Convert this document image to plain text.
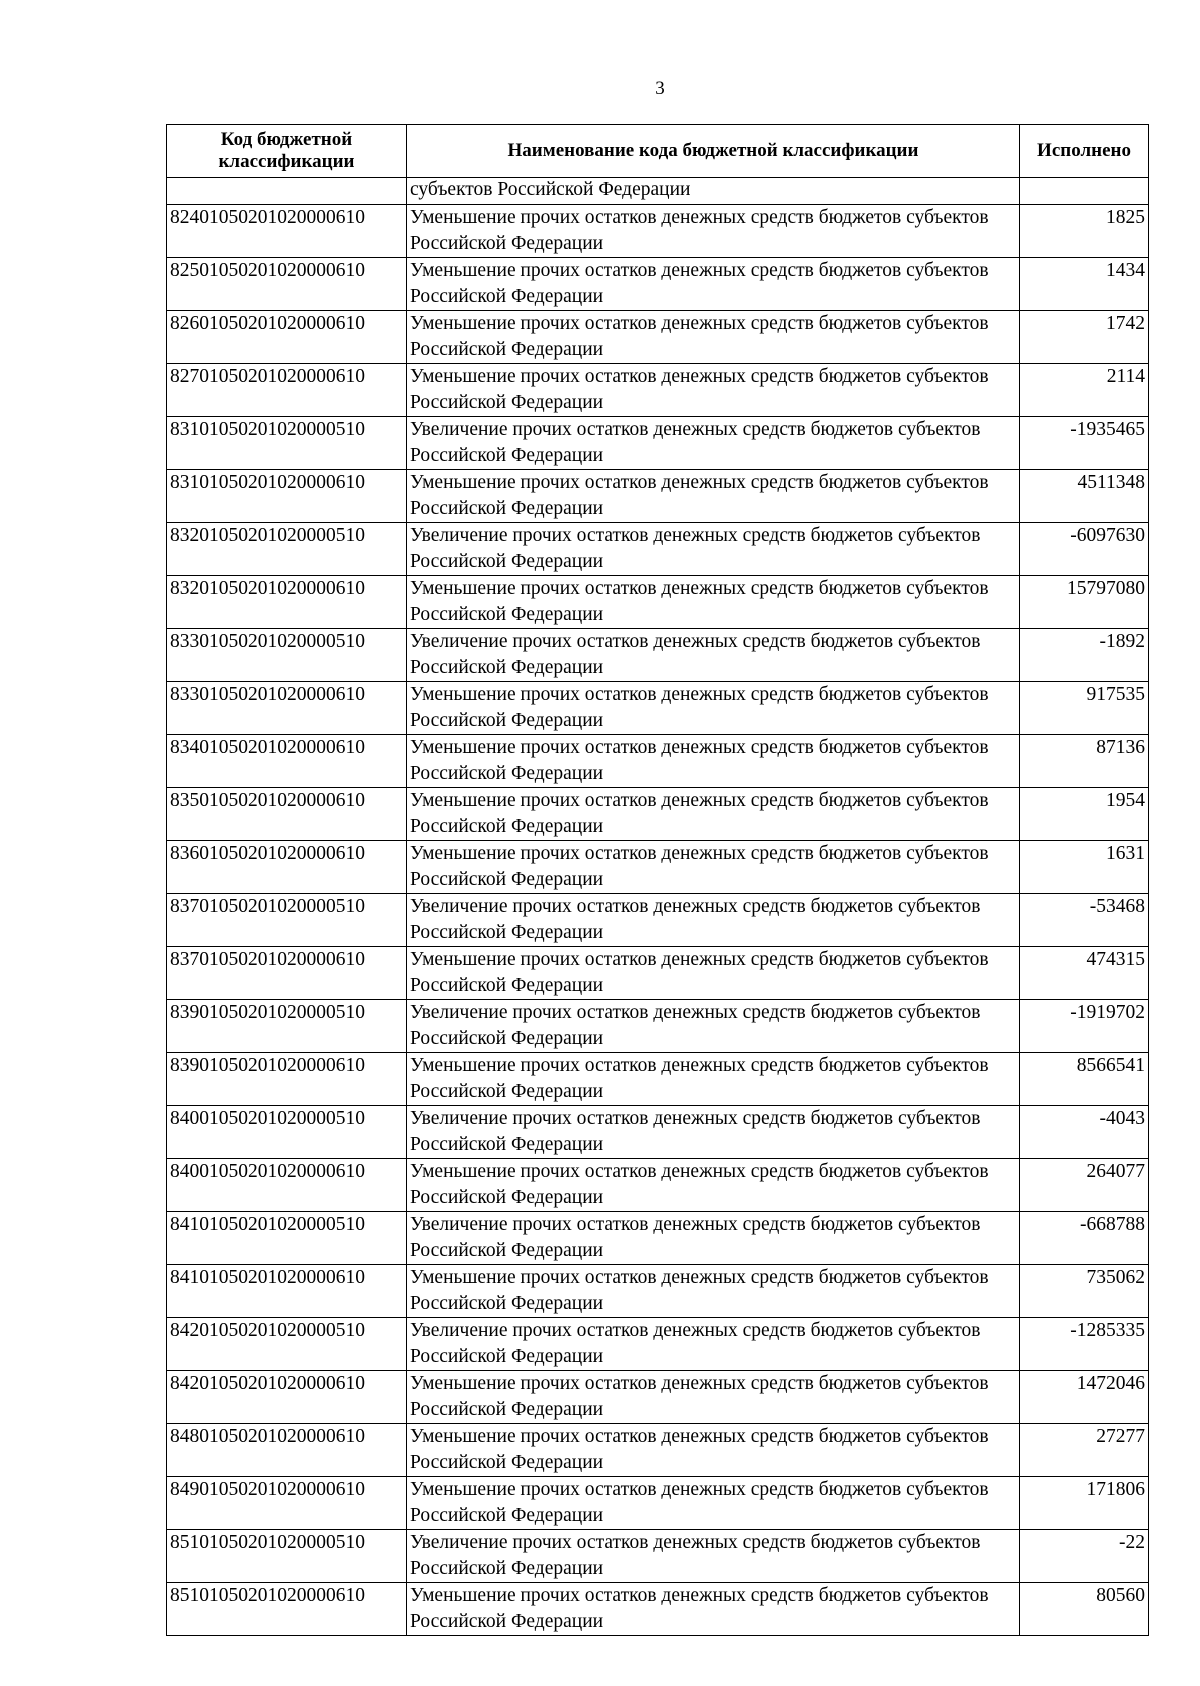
3
Код бюджетной классификации	Наименование кода бюджетной классификации	Исполнено
	субъектов Российской Федерации	
82401050201020000610	Уменьшение прочих остатков денежных средств бюджетов субъектов Российской Федерации	1825
82501050201020000610	Уменьшение прочих остатков денежных средств бюджетов субъектов Российской Федерации	1434
82601050201020000610	Уменьшение прочих остатков денежных средств бюджетов субъектов Российской Федерации	1742
82701050201020000610	Уменьшение прочих остатков денежных средств бюджетов субъектов Российской Федерации	2114
83101050201020000510	Увеличение прочих остатков денежных средств бюджетов субъектов Российской Федерации	-1935465
83101050201020000610	Уменьшение прочих остатков денежных средств бюджетов субъектов Российской Федерации	4511348
83201050201020000510	Увеличение прочих остатков денежных средств бюджетов субъектов Российской Федерации	-6097630
83201050201020000610	Уменьшение прочих остатков денежных средств бюджетов субъектов Российской Федерации	15797080
83301050201020000510	Увеличение прочих остатков денежных средств бюджетов субъектов Российской Федерации	-1892
83301050201020000610	Уменьшение прочих остатков денежных средств бюджетов субъектов Российской Федерации	917535
83401050201020000610	Уменьшение прочих остатков денежных средств бюджетов субъектов Российской Федерации	87136
83501050201020000610	Уменьшение прочих остатков денежных средств бюджетов субъектов Российской Федерации	1954
83601050201020000610	Уменьшение прочих остатков денежных средств бюджетов субъектов Российской Федерации	1631
83701050201020000510	Увеличение прочих остатков денежных средств бюджетов субъектов Российской Федерации	-53468
83701050201020000610	Уменьшение прочих остатков денежных средств бюджетов субъектов Российской Федерации	474315
83901050201020000510	Увеличение прочих остатков денежных средств бюджетов субъектов Российской Федерации	-1919702
83901050201020000610	Уменьшение прочих остатков денежных средств бюджетов субъектов Российской Федерации	8566541
84001050201020000510	Увеличение прочих остатков денежных средств бюджетов субъектов Российской Федерации	-4043
84001050201020000610	Уменьшение прочих остатков денежных средств бюджетов субъектов Российской Федерации	264077
84101050201020000510	Увеличение прочих остатков денежных средств бюджетов субъектов Российской Федерации	-668788
84101050201020000610	Уменьшение прочих остатков денежных средств бюджетов субъектов Российской Федерации	735062
84201050201020000510	Увеличение прочих остатков денежных средств бюджетов субъектов Российской Федерации	-1285335
84201050201020000610	Уменьшение прочих остатков денежных средств бюджетов субъектов Российской Федерации	1472046
84801050201020000610	Уменьшение прочих остатков денежных средств бюджетов субъектов Российской Федерации	27277
84901050201020000610	Уменьшение прочих остатков денежных средств бюджетов субъектов Российской Федерации	171806
85101050201020000510	Увеличение прочих остатков денежных средств бюджетов субъектов Российской Федерации	-22
85101050201020000610	Уменьшение прочих остатков денежных средств бюджетов субъектов Российской Федерации	80560
